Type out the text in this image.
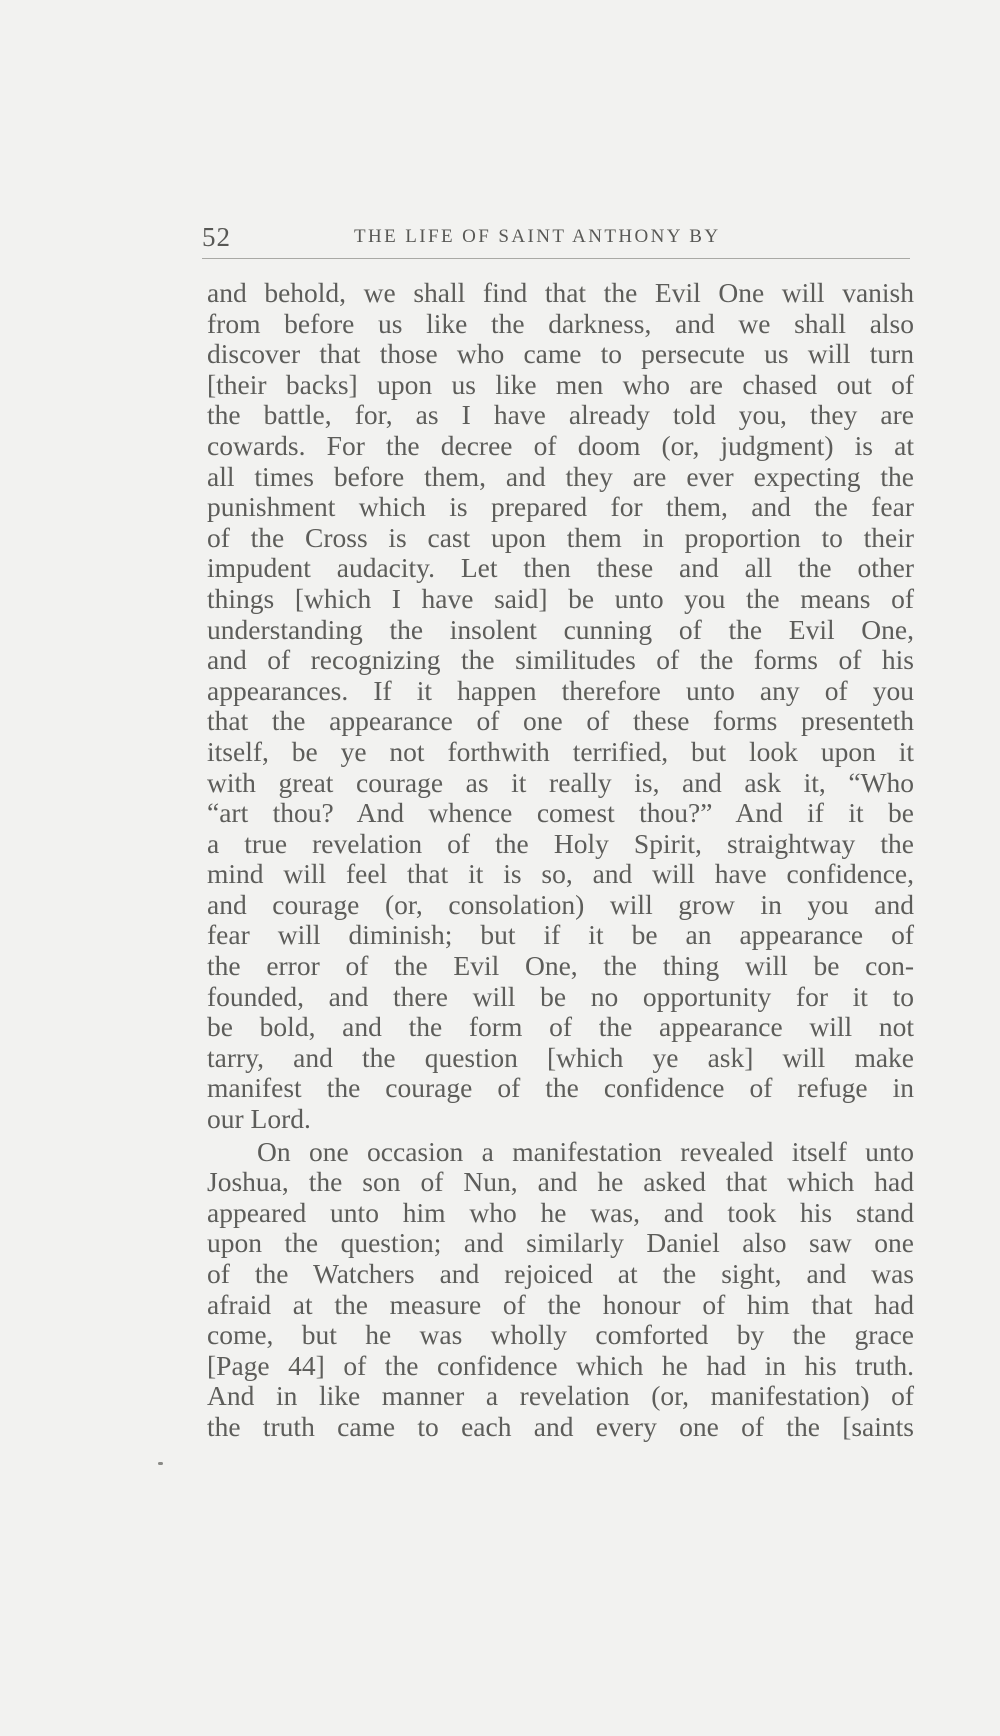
52	THE LIFE OF SAINT ANTHONY BY
and behold, we shall find that the Evil One will vanish
from before us like the darkness, and we shall also
discover that those who came to persecute us will turn
[their backs] upon us like men who are chased out of
the battle, for, as I have already told you, they are
cowards. For the decree of doom (or, judgment) is at
all times before them, and they are ever expecting the
punishment which is prepared for them, and the fear
of the Cross is cast upon them in proportion to their
impudent audacity. Let then these and all the other
things [which I have said] be unto you the means of
understanding the insolent cunning of the Evil One,
and of recognizing the similitudes of the forms of his
appearances. If it happen therefore unto any of you
that the appearance of one of these forms presenteth
itself, be ye not forthwith terrified, but look upon it
with great courage as it really is, and ask it, “Who
“art thou? And whence comest thou?” And if it be
a true revelation of the Holy Spirit, straightway the
mind will feel that it is so, and will have confidence,
and courage (or, consolation) will grow in you and
fear will diminish; but if it be an appearance of
the error of the Evil One, the thing will be con-
founded, and there will be no opportunity for it to
be bold, and the form of the appearance will not
tarry, and the question [which ye ask] will make
manifest the courage of the confidence of refuge in
our Lord.
On one occasion a manifestation revealed itself unto
Joshua, the son of Nun, and he asked that which had
appeared unto him who he was, and took his stand
upon the question; and similarly Daniel also saw one
of the Watchers and rejoiced at the sight, and was
afraid at the measure of the honour of him that had
come, but he was wholly comforted by the grace
[Page 44] of the confidence which he had in his truth.
And in like manner a revelation (or, manifestation) of
the truth came to each and every one of the [saints
